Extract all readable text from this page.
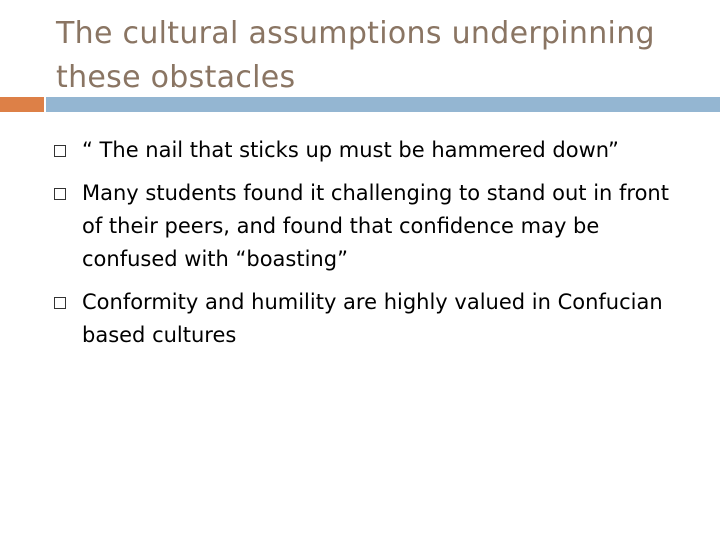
The cultural assumptions underpinning these obstacles
“ The nail that sticks up must be hammered down”
Many students found it challenging to stand out in front of their peers, and found that confidence may be confused with “boasting”
Conformity and humility are highly valued in Confucian based cultures
